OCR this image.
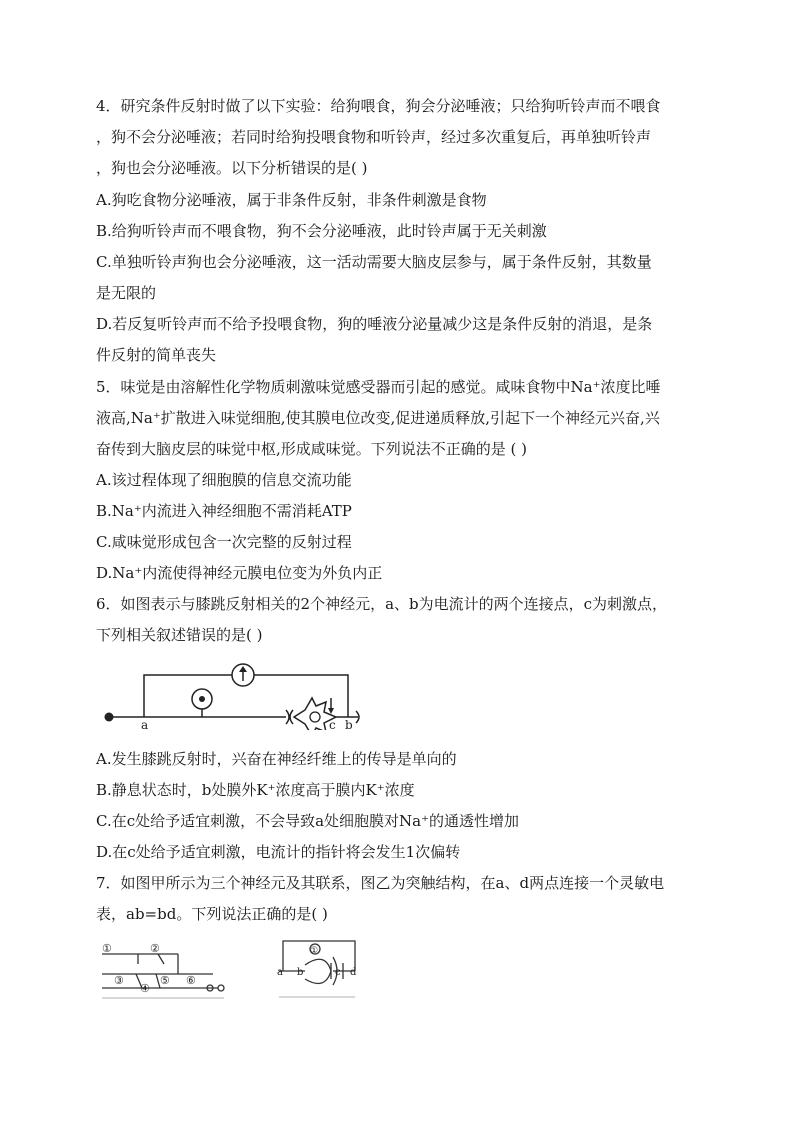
4．研究条件反射时做了以下实验：给狗喂食，狗会分泌唾液；只给狗听铃声而不喂食
，狗不会分泌唾液；若同时给狗投喂食物和听铃声，经过多次重复后，再单独听铃声
，狗也会分泌唾液。以下分析错误的是( )
A.狗吃食物分泌唾液，属于非条件反射，非条件刺激是食物
B.给狗听铃声而不喂食物，狗不会分泌唾液，此时铃声属于无关刺激
C.单独听铃声狗也会分泌唾液，这一活动需要大脑皮层参与，属于条件反射，其数量
是无限的
D.若反复听铃声而不给予投喂食物，狗的唾液分泌量减少这是条件反射的消退，是条
件反射的简单丧失
5．味觉是由溶解性化学物质刺激味觉感受器而引起的感觉。咸味食物中Na⁺浓度比唾
液高,Na⁺扩散进入味觉细胞,使其膜电位改变,促进递质释放,引起下一个神经元兴奋,兴
奋传到大脑皮层的味觉中枢,形成咸味觉。下列说法不正确的是 ( )
A.该过程体现了细胞膜的信息交流功能
B.Na⁺内流进入神经细胞不需消耗ATP
C.咸味觉形成包含一次完整的反射过程
D.Na⁺内流使得神经元膜电位变为外负内正
6．如图表示与膝跳反射相关的2个神经元，a、b为电流计的两个连接点，c为刺激点，
下列相关叙述错误的是( )
a	c b
A.发生膝跳反射时，兴奋在神经纤维上的传导是单向的
B.静息状态时，b处膜外K⁺浓度高于膜内K⁺浓度
C.在c处给予适宜刺激，不会导致a处细胞膜对Na⁺的通透性增加
D.在c处给予适宜刺激，电流计的指针将会发生1次偏转
7．如图甲所示为三个神经元及其联系，图乙为突触结构，在a、d两点连接一个灵敏电
表，ab=bd。下列说法正确的是( )
①	②
③
④
⑤ ⑥
a b
①
c d
